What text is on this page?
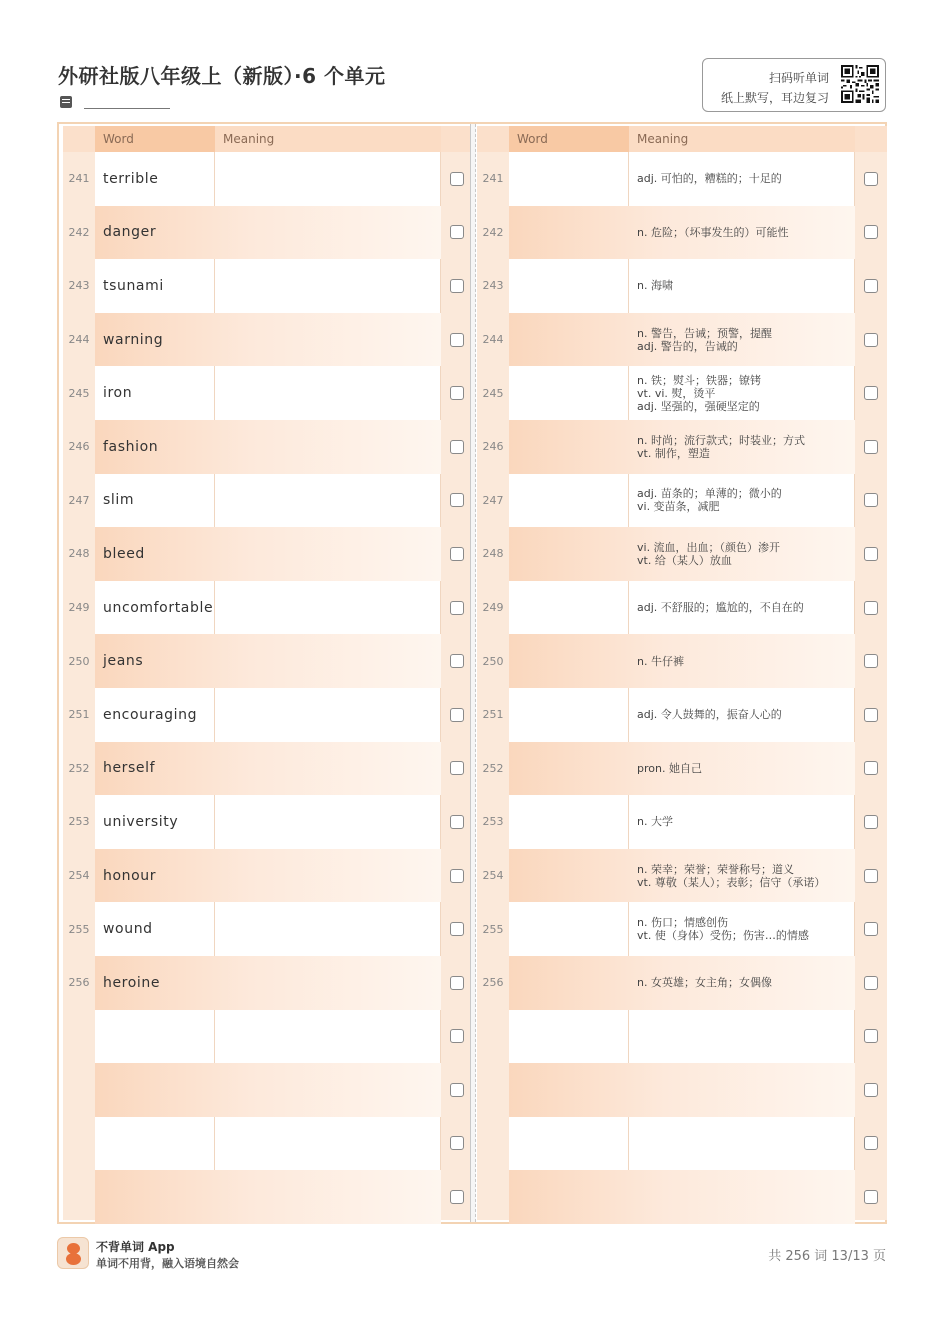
外研社版八年级上（新版）·6 个单元	扫码听单词
纸上默写，耳边复习
Word	Meaning
241 terrible
242 danger
243 tsunami
244 warning
245 iron
246 fashion
247 slim
248 bleed
249 uncomfortable
250 jeans
251 encouraging
252 herself
253 university
254 honour
255 wound
256 heroine
Word	Meaning
241	adj. 可怕的，糟糕的；十足的
242	n. 危险；（坏事发生的）可能性
243	n. 海啸
244	n. 警告，告诫；预警，提醒
adj. 警告的，告诫的
245
n. 铁；熨斗；铁器；镣铐
vt. vi. 熨，烫平
adj. 坚强的，强硬坚定的
246	n. 时尚；流行款式；时装业；方式
vt. 制作，塑造
247	adj. 苗条的；单薄的；微小的
vi. 变苗条，减肥
248	vi. 流血，出血；（颜色）渗开
vt. 给（某人）放血
249	adj. 不舒服的；尴尬的，不自在的
250	n. 牛仔裤
251	adj. 令人鼓舞的，振奋人心的
252	pron. 她自己
253	n. 大学
254	n. 荣幸；荣誉；荣誉称号；道义
vt. 尊敬（某人）；表彰；信守（承诺）
255	n. 伤口；情感创伤
vt. 使（身体）受伤；伤害…的情感
256	n. 女英雄；女主角；女偶像
不背单词 App
单词不用背，融入语境自然会	共 256 词 13/13 页
